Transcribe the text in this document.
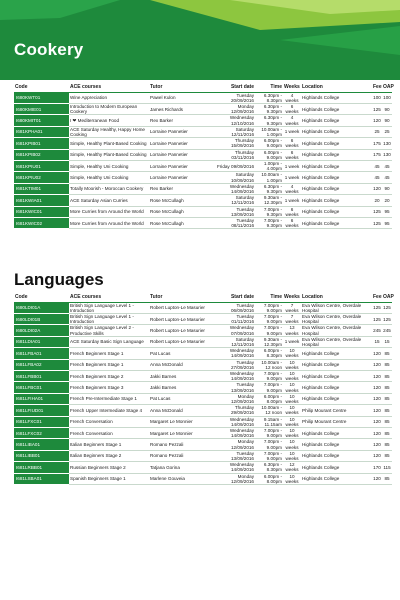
Cookery
Code	ACE courses	Tutor	Start date	Time	Weeks	Location	Fee	OAP
I680KWT01	Wine Appreciation	Pawel Kulon	Tuesday 20/09/2016	6.30pm - 8.30pm	4 weeks	Highlands College	100	100
I680KMIE01	Introduction to Modern European Cookery	James Richards	Monday 12/09/2016	6.30pm - 9.30pm	6 weeks	Highlands College	125	90
I680KMIT01	I ❤ Mediterranean Food	Rex Barker	Wednesday 12/10/2016	6.30pm - 9.30pm	4 weeks	Highlands College	120	90
I681KPHA01	ACE Saturday Healthy, Happy Home Cooking	Lorraine Pannetier	Saturday 12/11/2016	10.00am - 1.00pm	1 week	Highlands College	25	25
I681KPIB01	Simple, Healthy Plant-Based Cooking	Lorraine Pannetier	Thursday 15/09/2016	6.00pm - 9.00pm	6 weeks	Highlands College	175	130
I681KPIB02	Simple, Healthy Plant-Based Cooking	Lorraine Pannetier	Thursday 03/11/2016	6.00pm - 9.00pm	6 weeks	Highlands College	175	130
I681KPIU01	Simple, Healthy Uni Cooking	Lorraine Pannetier	Friday 09/09/2016	1.00pm - 4.00pm	1 week	Highlands College	45	45
I681KPIU02	Simple, Healthy Uni Cooking	Lorraine Pannetier	Saturday 10/09/2016	10.00am - 1.00pm	1 week	Highlands College	45	45
I681KTIM01	Totally Moorish - Moroccan Cookery	Rex Barker	Wednesday 14/09/2016	6.30pm - 9.30pm	4 weeks	Highlands College	120	90
I681KWIA01	ACE Saturday Asian Curries	Rose McCullagh	Saturday 12/11/2016	9.30am - 12.30pm	1 week	Highlands College	20	20
I681KWIC01	More Curries from Around the World	Rose McCullagh	Tuesday 13/09/2016	7.00pm - 9.30pm	6 weeks	Highlands College	125	95
I681KWIC02	More Curries from Around the World	Rose McCullagh	Tuesday 08/11/2016	7.00pm - 9.30pm	6 weeks	Highlands College	125	95
Languages
Code	ACE courses	Tutor	Start date	Time	Weeks	Location	Fee	OAP
I680LDI01A	British Sign Language Level 1 - Introduction	Robert Lupton-Le Masurier	Tuesday 06/09/2016	7.00pm - 9.00pm	7 weeks	Eva Wilson Centre, Overdale Hospital	125	125
I680LDI01B	British Sign Language Level 1 - Introduction	Robert Lupton-Le Masurier	Tuesday 01/11/2016	7.00pm - 9.00pm	7 weeks	Eva Wilson Centre, Overdale Hospital	125	125
I680LDI02A	British Sign Language Level 2 - Productive Skills	Robert Lupton-Le Masurier	Wednesday 07/09/2016	7.00pm - 9.00pm	13 weeks	Eva Wilson Centre, Overdale Hospital	245	245
I681LDIA01	ACE Saturday Basic Sign Language	Robert Lupton-Le Masurier	Saturday 12/11/2016	9.30am - 12.30pm	1 week	Eva Wilson Centre, Overdale Hospital	15	15
I681LFBA01	French Beginners Stage 1	Pat Lucas	Wednesday 14/09/2016	6.00pm - 8.30pm	10 weeks	Highlands College	120	85
I681LFBA02	French Beginners Stage 1	Anna McDonald	Tuesday 27/09/2016	10.00am - 12 noon	10 weeks	Highlands College	120	85
I681LFBB01	French Beginners Stage 2	Jakki Barnes	Wednesday 14/09/2016	7.00pm - 9.00pm	10 weeks	Highlands College	120	85
I681LFBC01	French Beginners Stage 3	Jakki Barnes	Tuesday 13/09/2016	7.00pm - 9.00pm	10 weeks	Highlands College	120	85
I681LFIHA01	French Pre-Intermediate Stage 1	Pat Lucas	Monday 12/09/2016	6.00pm - 8.00pm	10 weeks	Highlands College	120	85
I681LFIUD01	French Upper Intermediate Stage 4	Anna McDonald	Thursday 29/09/2016	10.00am - 12 noon	10 weeks	Philip Mourant Centre	120	85
I681LFXC01	French Conversation	Margaret Le Monnier	Wednesday 14/09/2016	9.15am - 11.15am	10 weeks	Philip Mourant Centre	120	85
I681LFXC02	French Conversation	Margaret Le Monnier	Wednesday 14/09/2016	7.00pm - 9.00pm	10 weeks	Highlands College	120	85
I681LIBA01	Italian Beginners Stage 1	Romano Pezzali	Monday 12/09/2016	7.00pm - 9.00pm	10 weeks	Highlands College	120	85
I681LIBB01	Italian Beginners Stage 2	Romano Pezzali	Tuesday 13/09/2016	7.00pm - 9.00pm	10 weeks	Highlands College	120	85
I681LRBB01	Russian Beginners Stage 2	Tatjana Gorina	Wednesday 14/09/2016	6.30pm - 8.30pm	12 weeks	Highlands College	170	115
I681LSBA01	Spanish Beginners Stage 1	Marlene Gouveia	Monday 12/09/2016	6.00pm - 8.00pm	10 weeks	Highlands College	120	85
